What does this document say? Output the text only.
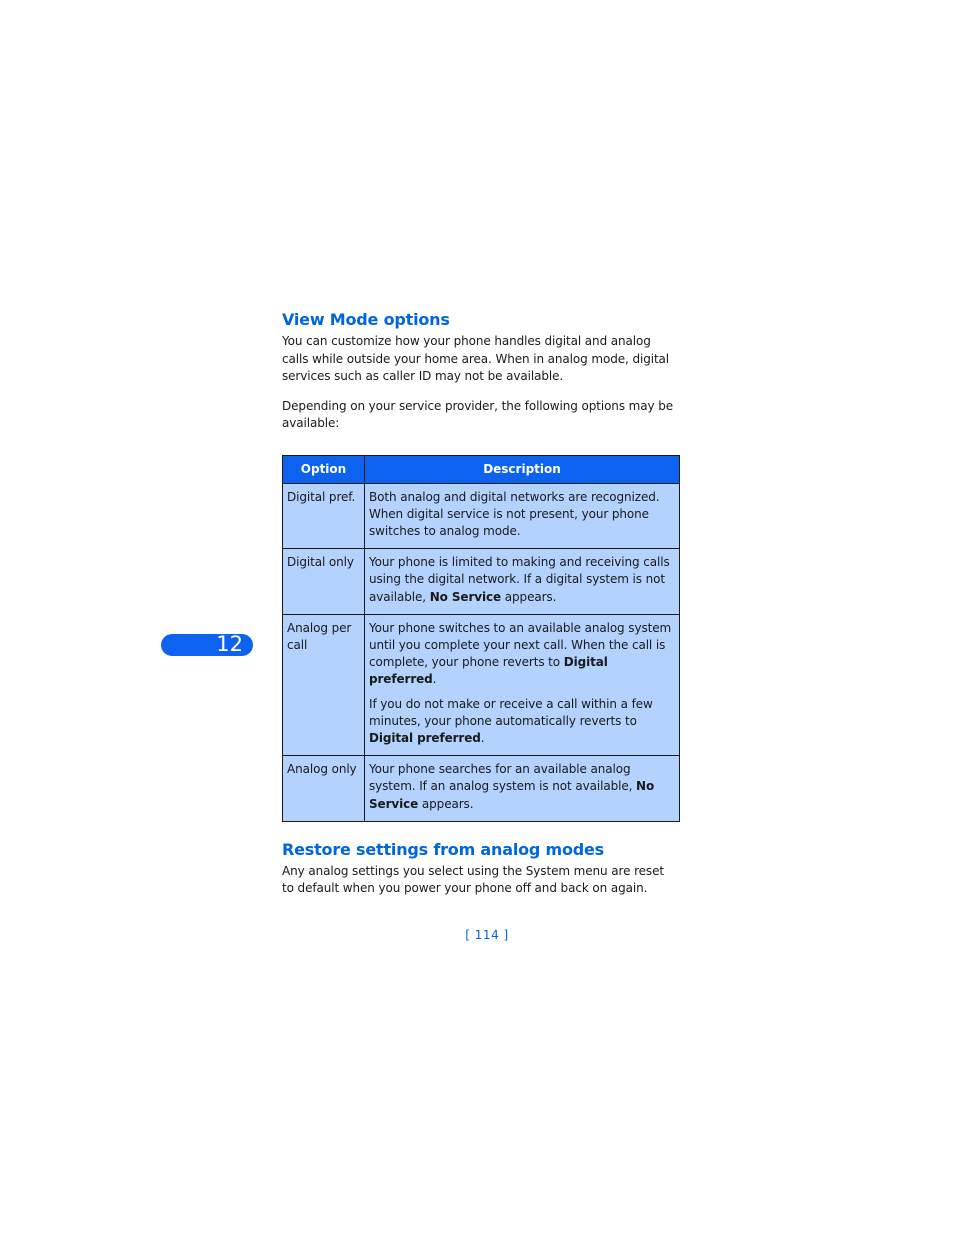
12
View Mode options

You can customize how your phone handles digital and analog calls while outside your home area. When in analog mode, digital services such as caller ID may not be available.

Depending on your service provider, the following options may be available:

Option	Description
Digital pref.	Both analog and digital networks are recognized. When digital service is not present, your phone switches to analog mode.

Digital only	Your phone is limited to making and receiving calls using the digital network. If a digital system is not available, No Service appears.

Analog per call	Your phone switches to an available analog system until you complete your next call. When the call is complete, your phone reverts to Digital preferred.

If you do not make or receive a call within a few minutes, your phone automatically reverts to Digital preferred.

Analog only	Your phone searches for an available analog system. If an analog system is not available, No Service appears.

Restore settings from analog modes

Any analog settings you select using the System menu are reset to default when you power your phone off and back on again.

[ 114 ]
